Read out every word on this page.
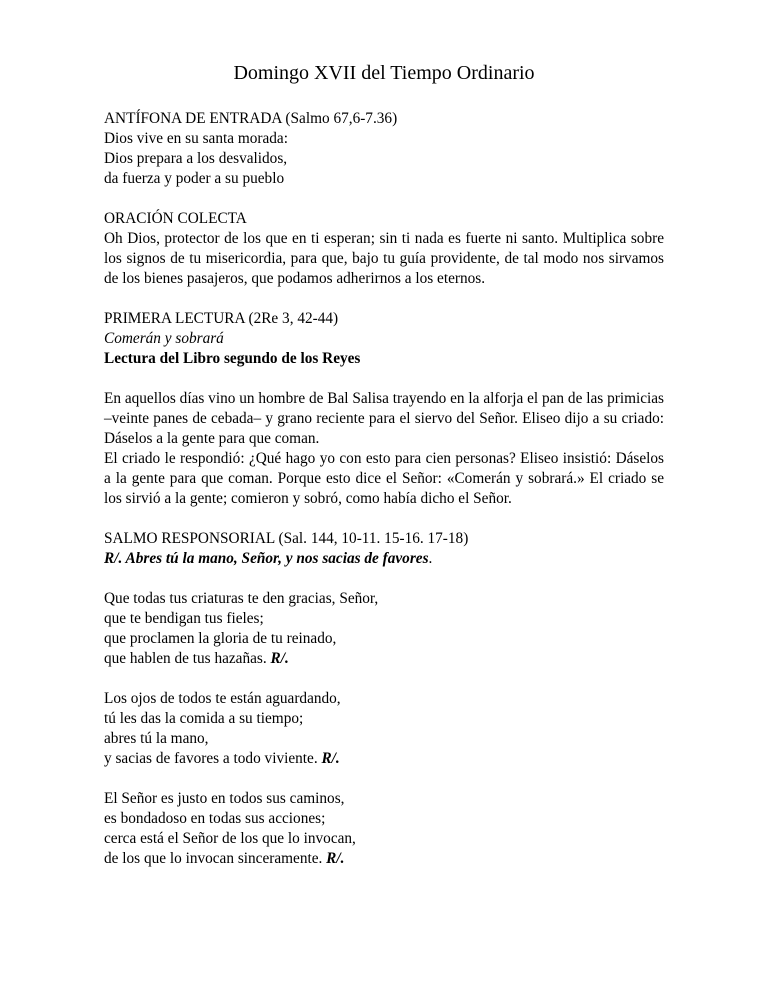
Domingo XVII del Tiempo Ordinario

ANTÍFONA DE ENTRADA (Salmo 67,6-7.36)

Dios vive en su santa morada:

Dios prepara a los desvalidos,

da fuerza y poder a su pueblo

ORACIÓN COLECTA

Oh Dios, protector de los que en ti esperan; sin ti nada es fuerte ni santo. Multiplica sobre los signos de tu misericordia, para que, bajo tu guía providente, de tal modo nos sirvamos de los bienes pasajeros, que podamos adherirnos a los eternos.

PRIMERA LECTURA (2Re 3, 42-44)

Comerán y sobrará

Lectura del Libro segundo de los Reyes

En aquellos días vino un hombre de Bal Salisa trayendo en la alforja el pan de las primicias –veinte panes de cebada– y grano reciente para el siervo del Señor. Eliseo dijo a su criado: Dáselos a la gente para que coman.

El criado le respondió: ¿Qué hago yo con esto para cien personas? Eliseo insistió: Dáselos a la gente para que coman. Porque esto dice el Señor: «Comerán y sobrará.» El criado se los sirvió a la gente; comieron y sobró, como había dicho el Señor.

SALMO RESPONSORIAL (Sal. 144, 10-11. 15-16. 17-18)

R/. Abres tú la mano, Señor, y nos sacias de favores.

Que todas tus criaturas te den gracias, Señor,

que te bendigan tus fieles;

que proclamen la gloria de tu reinado,

que hablen de tus hazañas. R/.

Los ojos de todos te están aguardando,

tú les das la comida a su tiempo;

abres tú la mano,

y sacias de favores a todo viviente. R/.

El Señor es justo en todos sus caminos,

es bondadoso en todas sus acciones;

cerca está el Señor de los que lo invocan,

de los que lo invocan sinceramente. R/.
